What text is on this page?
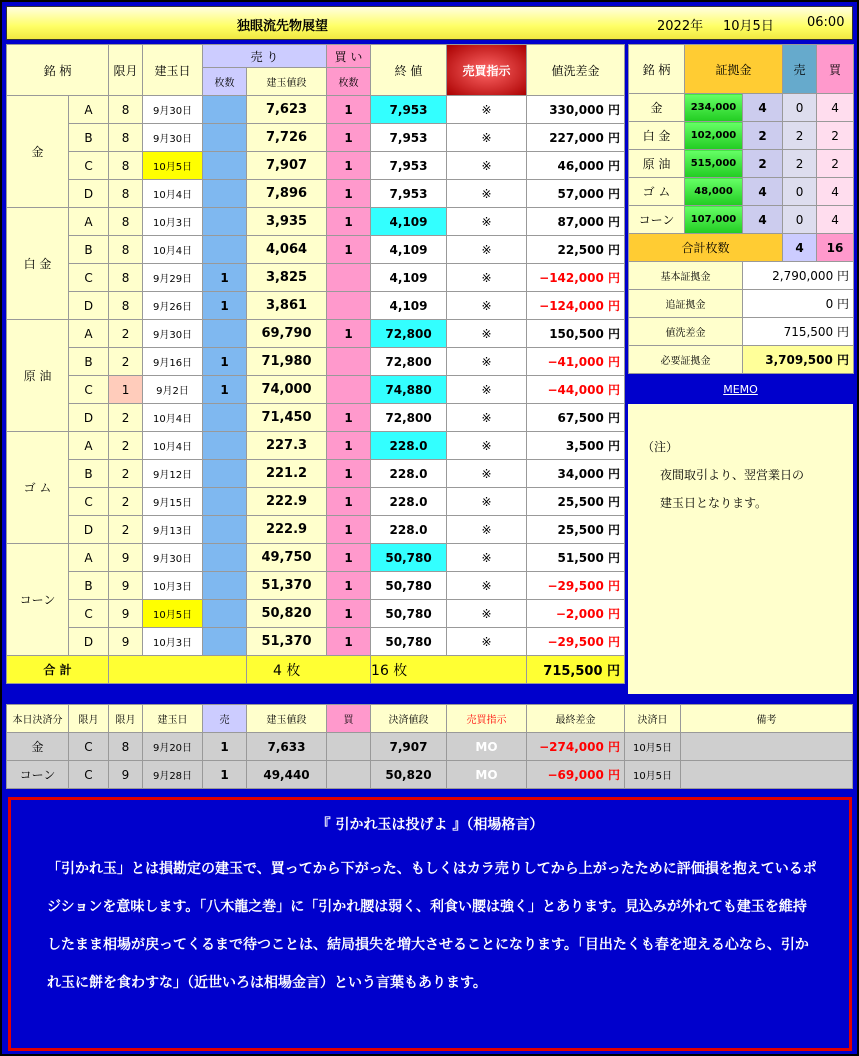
独眼流先物展望	2022年 10月5日	06:00
銘 柄		限月	建玉日	売 り		買 い	終 値	売買指示	値洗差金
				枚数	建玉値段	枚数			
金	A	8	9月30日		7,623	1	7,953	※	330,000 円
	B	8	9月30日		7,726	1	7,953	※	227,000 円
	C	8	10月5日		7,907	1	7,953	※	46,000 円
	D	8	10月4日		7,896	1	7,953	※	57,000 円
白 金	A	8	10月3日		3,935	1	4,109	※	87,000 円
	B	8	10月4日		4,064	1	4,109	※	22,500 円
	C	8	9月29日	1	3,825		4,109	※	−142,000 円
	D	8	9月26日	1	3,861		4,109	※	−124,000 円
原 油	A	2	9月30日		69,790	1	72,800	※	150,500 円
	B	2	9月16日	1	71,980		72,800	※	−41,000 円
	C	1	9月2日	1	74,000		74,880	※	−44,000 円
	D	2	10月4日		71,450	1	72,800	※	67,500 円
ゴ ム	A	2	10月4日		227.3	1	228.0	※	3,500 円
	B	2	9月12日		221.2	1	228.0	※	34,000 円
	C	2	9月15日		222.9	1	228.0	※	25,500 円
	D	2	9月13日		222.9	1	228.0	※	25,500 円
コーン	A	9	9月30日		49,750	1	50,780	※	51,500 円
	B	9	10月3日		51,370	1	50,780	※	−29,500 円
	C	9	10月5日		50,820	1	50,780	※	−2,000 円
	D	9	10月3日		51,370	1	50,780	※	−29,500 円
合 計					4 枚		16 枚		715,500 円
銘 柄	証拠金		売	買
金	234,000	4	0	4
白 金	102,000	2	2	2
原 油	515,000	2	2	2
ゴ ム	48,000	4	0	4
コーン	107,000	4	0	4
合計枚数			4	16
基本証拠金		2,790,000 円		
追証拠金		0 円		
値洗差金		715,500 円		
必要証拠金		3,709,500 円		
MEMO

（注）

夜間取引より、翌営業日の

建玉日となります。

本日決済分	限月	限月	建玉日	売	建玉値段	買	決済値段	売買指示	最終差金	決済日	備考
金	C	8	9月20日	1	7,633		7,907	MO	−274,000 円	10月5日	
コーン	C	9	9月28日	1	49,440		50,820	MO	−69,000 円	10月5日	
『 引かれ玉は投げよ 』（相場格言）
「引かれ玉」とは損勘定の建玉で、買ってから下がった、もしくはカラ売りしてから上がったために評価損を抱えているポジションを意味します。「八木龍之巻」に「引かれ腰は弱く、利食い腰は強く」とあります。見込みが外れても建玉を維持したまま相場が戻ってくるまで待つことは、結局損失を増大させることになります。「目出たくも春を迎える心なら、引かれ玉に餅を食わすな」（近世いろは相場金言）という言葉もあります。
